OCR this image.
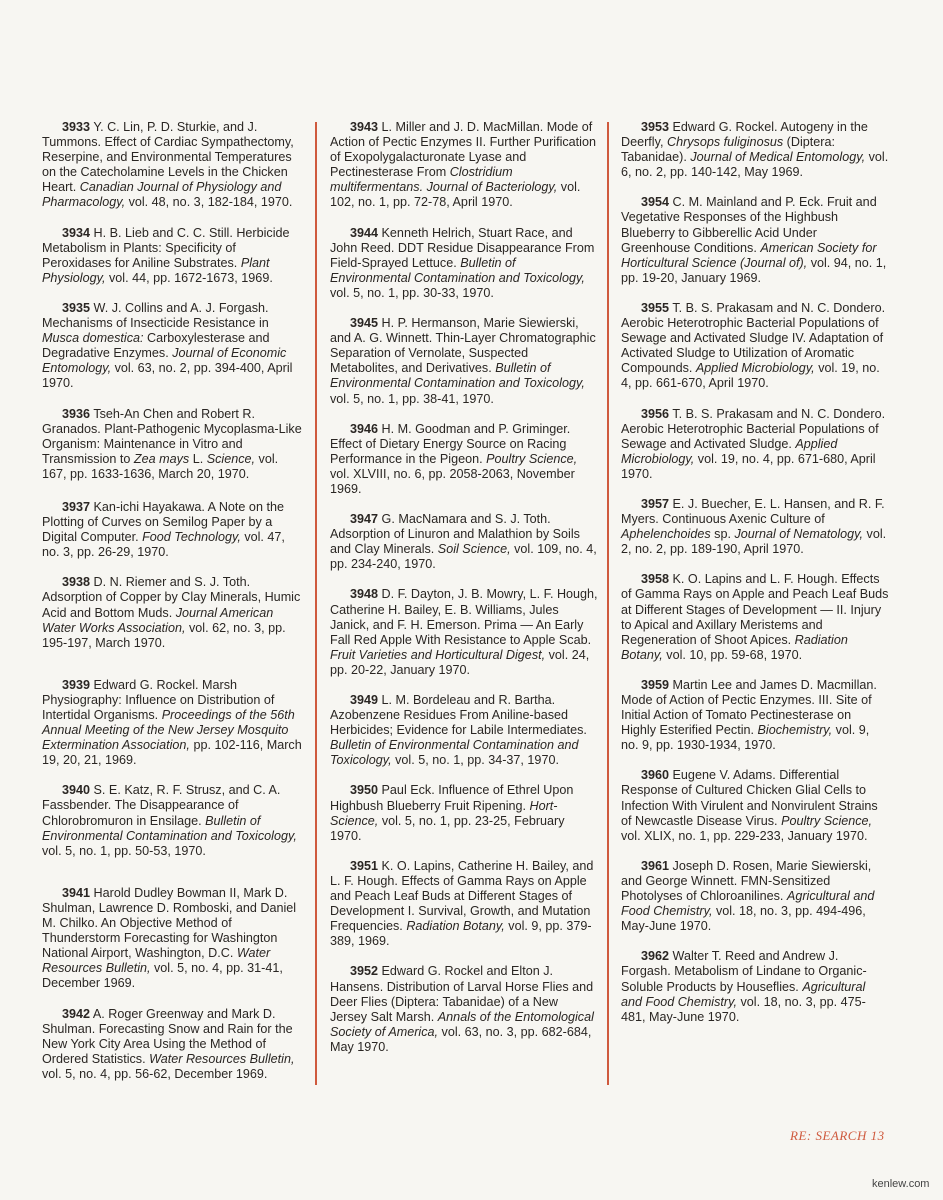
3933 Y. C. Lin, P. D. Sturkie, and J. Tummons. Effect of Cardiac Sympathectomy, Reserpine, and Environmental Temperatures on the Catecholamine Levels in the Chicken Heart. Canadian Journal of Physiology and Pharmacology, vol. 48, no. 3, 182-184, 1970.

3934 H. B. Lieb and C. C. Still. Herbicide Metabolism in Plants: Specificity of Peroxidases for Aniline Substrates. Plant Physiology, vol. 44, pp. 1672-1673, 1969.

3935 W. J. Collins and A. J. Forgash. Mechanisms of Insecticide Resistance in Musca domestica: Carboxylesterase and Degradative Enzymes. Journal of Economic Entomology, vol. 63, no. 2, pp. 394-400, April 1970.

3936 Tseh-An Chen and Robert R. Granados. Plant-Pathogenic Mycoplasma-Like Organism: Maintenance in Vitro and Transmission to Zea mays L. Science, vol. 167, pp. 1633-1636, March 20, 1970.

3937 Kan-ichi Hayakawa. A Note on the Plotting of Curves on Semilog Paper by a Digital Computer. Food Technology, vol. 47, no. 3, pp. 26-29, 1970.

3938 D. N. Riemer and S. J. Toth. Adsorption of Copper by Clay Minerals, Humic Acid and Bottom Muds. Journal American Water Works Association, vol. 62, no. 3, pp. 195-197, March 1970.

3939 Edward G. Rockel. Marsh Physiography: Influence on Distribution of Intertidal Organisms. Proceedings of the 56th Annual Meeting of the New Jersey Mosquito Extermination Association, pp. 102-116, March 19, 20, 21, 1969.

3940 S. E. Katz, R. F. Strusz, and C. A. Fassbender. The Disappearance of Chlorobromuron in Ensilage. Bulletin of Environmental Contamination and Toxicology, vol. 5, no. 1, pp. 50-53, 1970.

3941 Harold Dudley Bowman II, Mark D. Shulman, Lawrence D. Romboski, and Daniel M. Chilko. An Objective Method of Thunderstorm Forecasting for Washington National Airport, Washington, D.C. Water Resources Bulletin, vol. 5, no. 4, pp. 31-41, December 1969.

3942 A. Roger Greenway and Mark D. Shulman. Forecasting Snow and Rain for the New York City Area Using the Method of Ordered Statistics. Water Resources Bulletin, vol. 5, no. 4, pp. 56-62, December 1969.

3943 L. Miller and J. D. MacMillan. Mode of Action of Pectic Enzymes II. Further Purification of Exopolygalacturonate Lyase and Pectinesterase From Clostridium multifermentans. Journal of Bacteriology, vol. 102, no. 1, pp. 72-78, April 1970.

3944 Kenneth Helrich, Stuart Race, and John Reed. DDT Residue Disappearance From Field-Sprayed Lettuce. Bulletin of Environmental Contamination and Toxicology, vol. 5, no. 1, pp. 30-33, 1970.

3945 H. P. Hermanson, Marie Siewierski, and A. G. Winnett. Thin-Layer Chromatographic Separation of Vernolate, Suspected Metabolites, and Derivatives. Bulletin of Environmental Contamination and Toxicology, vol. 5, no. 1, pp. 38-41, 1970.

3946 H. M. Goodman and P. Griminger. Effect of Dietary Energy Source on Racing Performance in the Pigeon. Poultry Science, vol. XLVIII, no. 6, pp. 2058-2063, November 1969.

3947 G. MacNamara and S. J. Toth. Adsorption of Linuron and Malathion by Soils and Clay Minerals. Soil Science, vol. 109, no. 4, pp. 234-240, 1970.

3948 D. F. Dayton, J. B. Mowry, L. F. Hough, Catherine H. Bailey, E. B. Williams, Jules Janick, and F. H. Emerson. Prima — An Early Fall Red Apple With Resistance to Apple Scab. Fruit Varieties and Horticultural Digest, vol. 24, pp. 20-22, January 1970.

3949 L. M. Bordeleau and R. Bartha. Azobenzene Residues From Aniline-based Herbicides; Evidence for Labile Intermediates. Bulletin of Environmental Contamination and Toxicology, vol. 5, no. 1, pp. 34-37, 1970.

3950 Paul Eck. Influence of Ethrel Upon Highbush Blueberry Fruit Ripening. Hort-Science, vol. 5, no. 1, pp. 23-25, February 1970.

3951 K. O. Lapins, Catherine H. Bailey, and L. F. Hough. Effects of Gamma Rays on Apple and Peach Leaf Buds at Different Stages of Development I. Survival, Growth, and Mutation Frequencies. Radiation Botany, vol. 9, pp. 379-389, 1969.

3952 Edward G. Rockel and Elton J. Hansens. Distribution of Larval Horse Flies and Deer Flies (Diptera: Tabanidae) of a New Jersey Salt Marsh. Annals of the Entomological Society of America, vol. 63, no. 3, pp. 682-684, May 1970.

3953 Edward G. Rockel. Autogeny in the Deerfly, Chrysops fuliginosus (Diptera: Tabanidae). Journal of Medical Entomology, vol. 6, no. 2, pp. 140-142, May 1969.

3954 C. M. Mainland and P. Eck. Fruit and Vegetative Responses of the Highbush Blueberry to Gibberellic Acid Under Greenhouse Conditions. American Society for Horticultural Science (Journal of), vol. 94, no. 1, pp. 19-20, January 1969.

3955 T. B. S. Prakasam and N. C. Dondero. Aerobic Heterotrophic Bacterial Populations of Sewage and Activated Sludge IV. Adaptation of Activated Sludge to Utilization of Aromatic Compounds. Applied Microbiology, vol. 19, no. 4, pp. 661-670, April 1970.

3956 T. B. S. Prakasam and N. C. Dondero. Aerobic Heterotrophic Bacterial Populations of Sewage and Activated Sludge. Applied Microbiology, vol. 19, no. 4, pp. 671-680, April 1970.

3957 E. J. Buecher, E. L. Hansen, and R. F. Myers. Continuous Axenic Culture of Aphelenchoides sp. Journal of Nematology, vol. 2, no. 2, pp. 189-190, April 1970.

3958 K. O. Lapins and L. F. Hough. Effects of Gamma Rays on Apple and Peach Leaf Buds at Different Stages of Development — II. Injury to Apical and Axillary Meristems and Regeneration of Shoot Apices. Radiation Botany, vol. 10, pp. 59-68, 1970.

3959 Martin Lee and James D. Macmillan. Mode of Action of Pectic Enzymes. III. Site of Initial Action of Tomato Pectinesterase on Highly Esterified Pectin. Biochemistry, vol. 9, no. 9, pp. 1930-1934, 1970.

3960 Eugene V. Adams. Differential Response of Cultured Chicken Glial Cells to Infection With Virulent and Nonvirulent Strains of Newcastle Disease Virus. Poultry Science, vol. XLIX, no. 1, pp. 229-233, January 1970.

3961 Joseph D. Rosen, Marie Siewierski, and George Winnett. FMN-Sensitized Photolyses of Chloroanilines. Agricultural and Food Chemistry, vol. 18, no. 3, pp. 494-496, May-June 1970.

3962 Walter T. Reed and Andrew J. Forgash. Metabolism of Lindane to Organic-Soluble Products by Houseflies. Agricultural and Food Chemistry, vol. 18, no. 3, pp. 475-481, May-June 1970.

RE: SEARCH 13
kenlew.com
